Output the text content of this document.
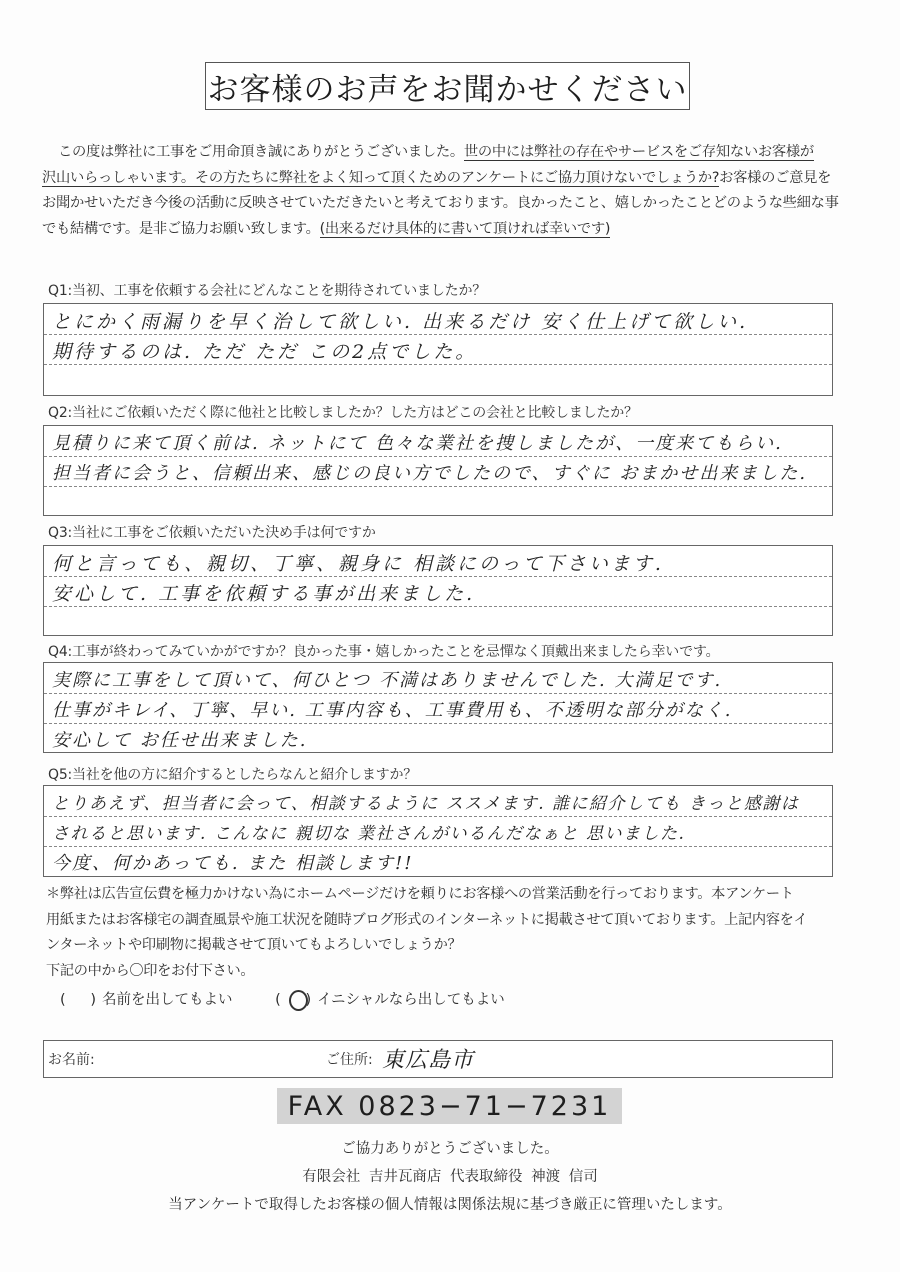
お客様のお声をお聞かせください
この度は弊社に工事をご用命頂き誠にありがとうございました。世の中には弊社の存在やサービスをご存知ないお客様が
沢山いらっしゃいます。その方たちに弊社をよく知って頂くためのアンケートにご協力頂けないでしょうか?お客様のご意見を
お聞かせいただき今後の活動に反映させていただきたいと考えております。良かったこと、嬉しかったことどのような些細な事
でも結構です。是非ご協力お願い致します。(出来るだけ具体的に書いて頂ければ幸いです)
Q1:当初、工事を依頼する会社にどんなことを期待されていましたか？
とにかく雨漏りを早く治して欲しい. 出来るだけ 安く仕上げて欲しい.
期待するのは. ただ ただ この2点でした。
Q2:当社にご依頼いただく際に他社と比較しましたか？した方はどこの会社と比較しましたか？
見積りに来て頂く前は. ネットにて 色々な業社を捜しましたが、一度来てもらい.
担当者に会うと、信頼出来、感じの良い方でしたので、すぐに おまかせ出来ました.
Q3:当社に工事をご依頼いただいた決め手は何ですか
何と言っても、親切、丁寧、親身に 相談にのって下さいます.
安心して. 工事を依頼する事が出来ました.
Q4:工事が終わってみていかがですか？良かった事・嬉しかったことを忌憚なく頂戴出来ましたら幸いです。
実際に工事をして頂いて、何ひとつ 不満はありませんでした. 大満足です.
仕事がキレイ、丁寧、早い. 工事内容も、工事費用も、不透明な部分がなく.
安心して お任せ出来ました.
Q5:当社を他の方に紹介するとしたらなんと紹介しますか？
とりあえず、担当者に会って、相談するように ススメます. 誰に紹介しても きっと感謝は
されると思います. こんなに 親切な 業社さんがいるんだなぁと 思いました.
今度、何かあっても. また 相談します!!
＊弊社は広告宣伝費を極力かけない為にホームページだけを頼りにお客様への営業活動を行っております。本アンケート
用紙またはお客様宅の調査風景や施工状況を随時ブログ形式のインターネットに掲載させて頂いております。上記内容をイ
ンターネットや印刷物に掲載させて頂いてもよろしいでしょうか？
下記の中から〇印をお付下さい。
( ) 名前を出してもよい	( ) イニシャルなら出してもよい
お名前:	ご住所: 東広島市
FAX 0823−71−7231
ご協力ありがとうございました。
有限会社 吉井瓦商店 代表取締役 神渡 信司
当アンケートで取得したお客様の個人情報は関係法規に基づき厳正に管理いたします。
